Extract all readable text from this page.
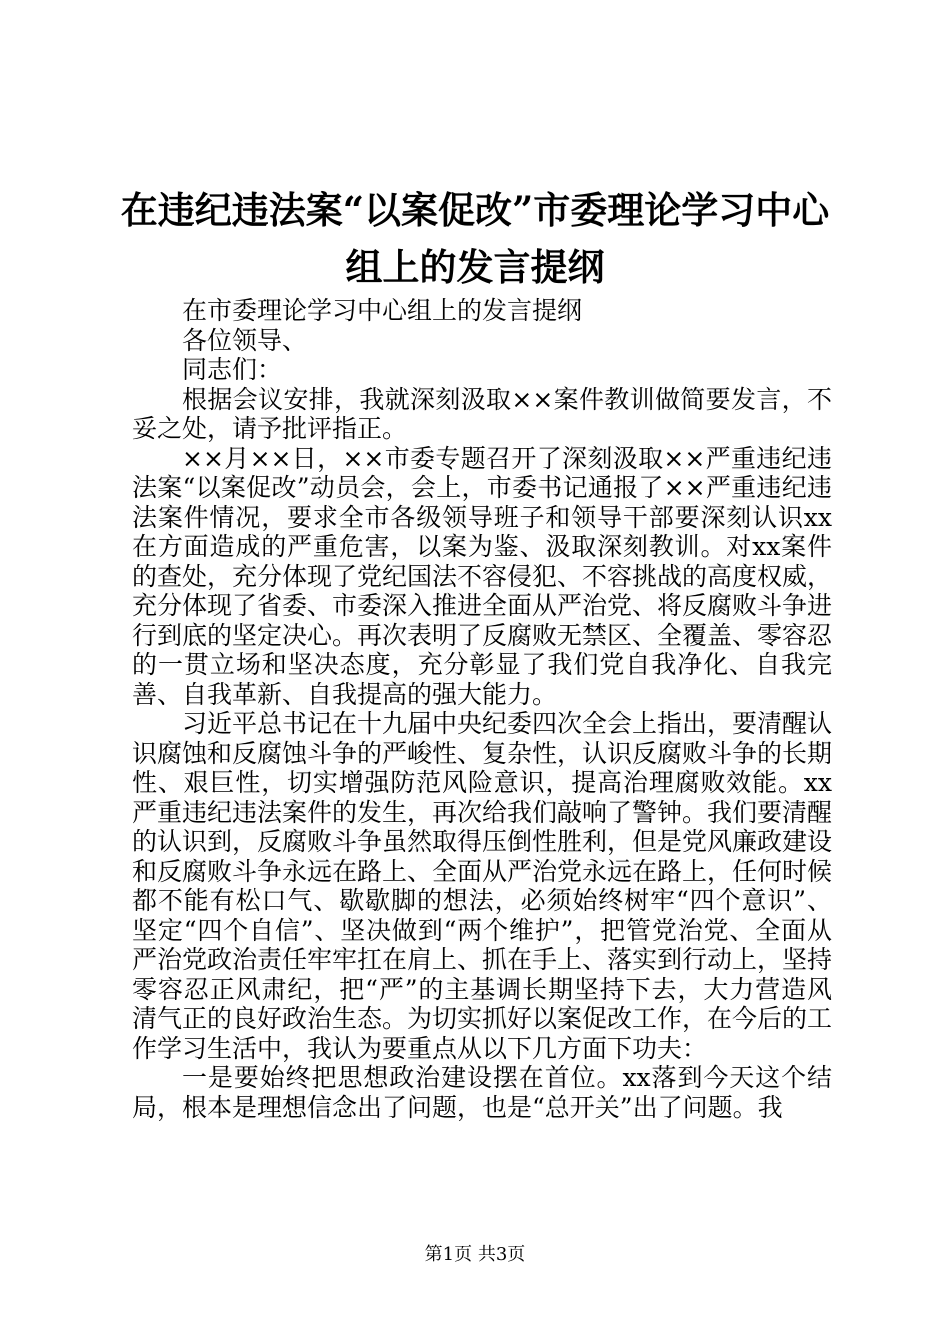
在违纪违法案“以案促改”市委理论学习中心
组上的发言提纲

在市委理论学习中心组上的发言提纲

各位领导、

同志们：

根据会议安排，我就深刻汲取××案件教训做简要发言，不妥之处，请予批评指正。

××月××日，××市委专题召开了深刻汲取××严重违纪违法案“以案促改”动员会，会上，市委书记通报了××严重违纪违法案件情况，要求全市各级领导班子和领导干部要深刻认识xx在方面造成的严重危害，以案为鉴、汲取深刻教训。对xx案件的查处，充分体现了党纪国法不容侵犯、不容挑战的高度权威，充分体现了省委、市委深入推进全面从严治党、将反腐败斗争进行到底的坚定决心。再次表明了反腐败无禁区、全覆盖、零容忍的一贯立场和坚决态度，充分彰显了我们党自我净化、自我完善、自我革新、自我提高的强大能力。

习近平总书记在十九届中央纪委四次全会上指出，要清醒认识腐蚀和反腐蚀斗争的严峻性、复杂性，认识反腐败斗争的长期性、艰巨性，切实增强防范风险意识，提高治理腐败效能。xx严重违纪违法案件的发生，再次给我们敲响了警钟。我们要清醒的认识到，反腐败斗争虽然取得压倒性胜利，但是党风廉政建设和反腐败斗争永远在路上、全面从严治党永远在路上，任何时候都不能有松口气、歇歇脚的想法，必须始终树牢“四个意识”、坚定“四个自信”、坚决做到“两个维护”，把管党治党、全面从严治党政治责任牢牢扛在肩上、抓在手上、落实到行动上，坚持零容忍正风肃纪，把“严”的主基调长期坚持下去，大力营造风清气正的良好政治生态。为切实抓好以案促改工作，在今后的工作学习生活中，我认为要重点从以下几方面下功夫：

一是要始终把思想政治建设摆在首位。xx落到今天这个结局，根本是理想信念出了问题，也是“总开关”出了问题。我

第1页 共3页
